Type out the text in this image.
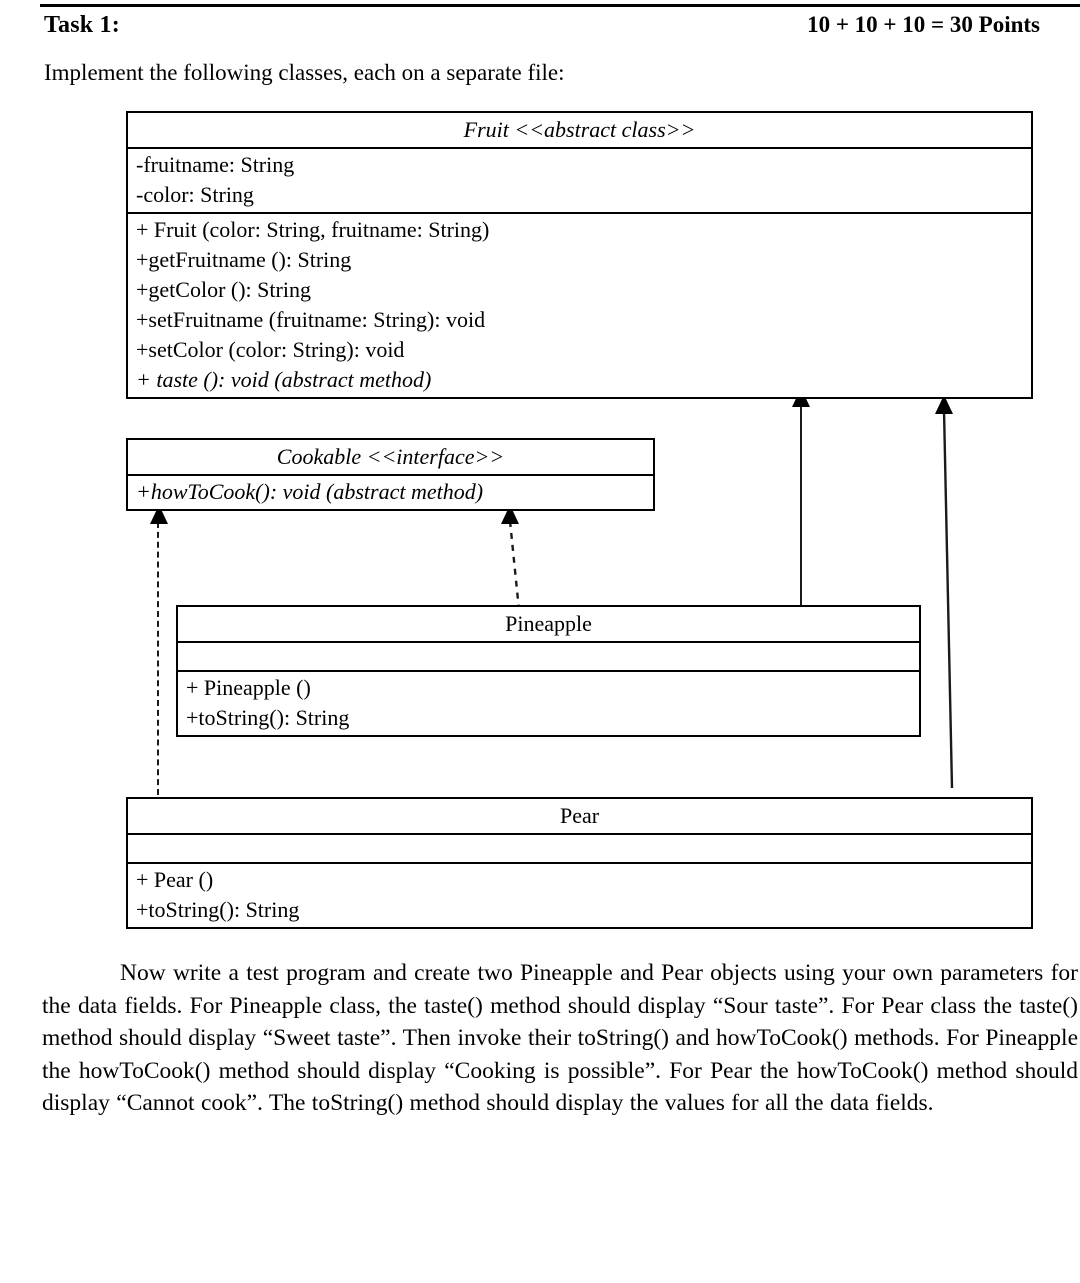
Task 1:	10 + 10 + 10 = 30 Points
Implement the following classes, each on a separate file:
Fruit <<abstract class>>
-fruitname: String
-color: String
+ Fruit (color: String, fruitname: String)
+getFruitname (): String
+getColor (): String
+setFruitname (fruitname: String): void
+setColor (color: String): void
+ taste (): void (abstract method)
Cookable <<interface>>
+howToCook(): void (abstract method)
Pineapple
+ Pineapple ()
+toString(): String
Pear
+ Pear ()
+toString(): String
Now write a test program and create two Pineapple and Pear objects using your own parameters for the data fields. For Pineapple class, the taste() method should display “Sour taste”. For Pear class the taste() method should display “Sweet taste”. Then invoke their toString() and howToCook() methods. For Pineapple the howToCook() method should display “Cooking is possible”. For Pear the howToCook() method should display “Cannot cook”. The toString() method should display the values for all the data fields.
